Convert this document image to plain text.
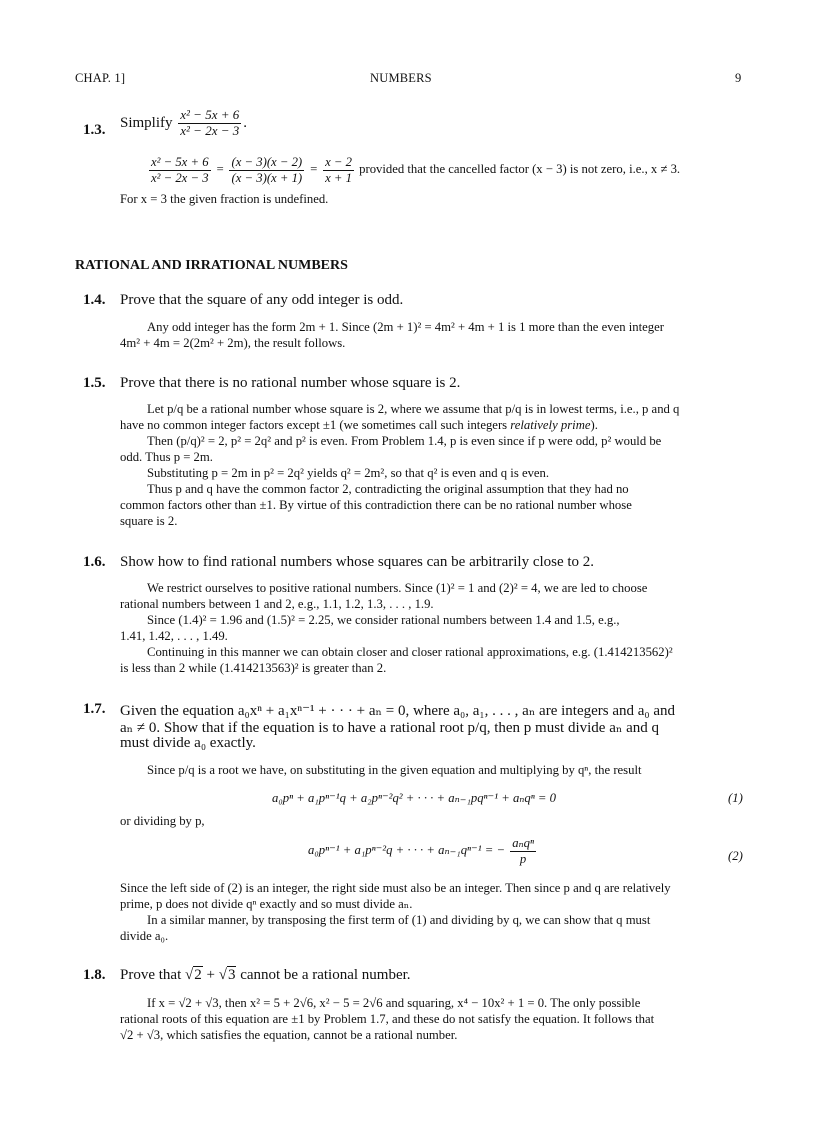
CHAP. 1]	NUMBERS	9
1.3. Simplify $\frac{\text{x² − 5x + 6}}{\text{x² − 2x − 3}}$ .
$\frac{\text{x² − 5x + 6}}{\text{x² − 2x − 3}} = \frac{(x - 3)(x - 2)}{(x - 3)(x + 1)} = \frac{x - 2}{x + 1}$ provided that the cancelled factor (x − 3) is not zero, i.e., x ≠ 3.
For x = 3 the given fraction is undefined.
RATIONAL AND IRRATIONAL NUMBERS
1.4. Prove that the square of any odd integer is odd.
Any odd integer has the form 2m + 1. Since (2m + 1)² = 4m² + 4m + 1 is 1 more than the even integer
4m² + 4m = 2(2m² + 2m), the result follows.
1.5. Prove that there is no rational number whose square is 2.
Let p/q be a rational number whose square is 2, where we assume that p/q is in lowest terms, i.e., p and q
have no common integer factors except ±1 (we sometimes call such integers relatively prime).
Then (p/q)² = 2, p² = 2q² and p² is even. From Problem 1.4, p is even since if p were odd, p² would be
odd. Thus p = 2m.
Substituting p = 2m in p² = 2q² yields q² = 2m², so that q² is even and q is even.
Thus p and q have the common factor 2, contradicting the original assumption that they had no
common factors other than ±1. By virtue of this contradiction there can be no rational number whose
square is 2.
1.6. Show how to find rational numbers whose squares can be arbitrarily close to 2.
We restrict ourselves to positive rational numbers. Since (1)² = 1 and (2)² = 4, we are led to choose
rational numbers between 1 and 2, e.g., 1.1, 1.2, 1.3, . . . , 1.9.
Since (1.4)² = 1.96 and (1.5)² = 2.25, we consider rational numbers between 1.4 and 1.5, e.g.,
1.41, 1.42, . . . , 1.49.
Continuing in this manner we can obtain closer and closer rational approximations, e.g. (1.414213562)²
is less than 2 while (1.414213563)² is greater than 2.
1.7. Given the equation a₀xⁿ + a₁xⁿ⁻¹ + · · · + aₙ = 0, where a₀, a₁, . . . , aₙ are integers and a₀ and
aₙ ≠ 0. Show that if the equation is to have a rational root p/q, then p must divide aₙ and q
must divide a₀ exactly.
Since p/q is a root we have, on substituting in the given equation and multiplying by qⁿ, the result
a₀pⁿ + a₁pⁿ⁻¹q + a₂pⁿ⁻²q² + · · · + aₙ₋₁pqⁿ⁻¹ + aₙqⁿ = 0	(1)
or dividing by p,
a₀pⁿ⁻¹ + a₁pⁿ⁻²q + · · · + aₙ₋₁qⁿ⁻¹ = − $\frac{\text{aₙqⁿ}}{p}$	(2)
Since the left side of (2) is an integer, the right side must also be an integer. Then since p and q are relatively
prime, p does not divide qⁿ exactly and so must divide aₙ.
In a similar manner, by transposing the first term of (1) and dividing by q, we can show that q must
divide a₀.
1.8. Prove that √2 + √3 cannot be a rational number.
If x = √2 + √3, then x² = 5 + 2√6, x² − 5 = 2√6 and squaring, x⁴ − 10x² + 1 = 0. The only possible
rational roots of this equation are ±1 by Problem 1.7, and these do not satisfy the equation. It follows that
√2 + √3, which satisfies the equation, cannot be a rational number.
